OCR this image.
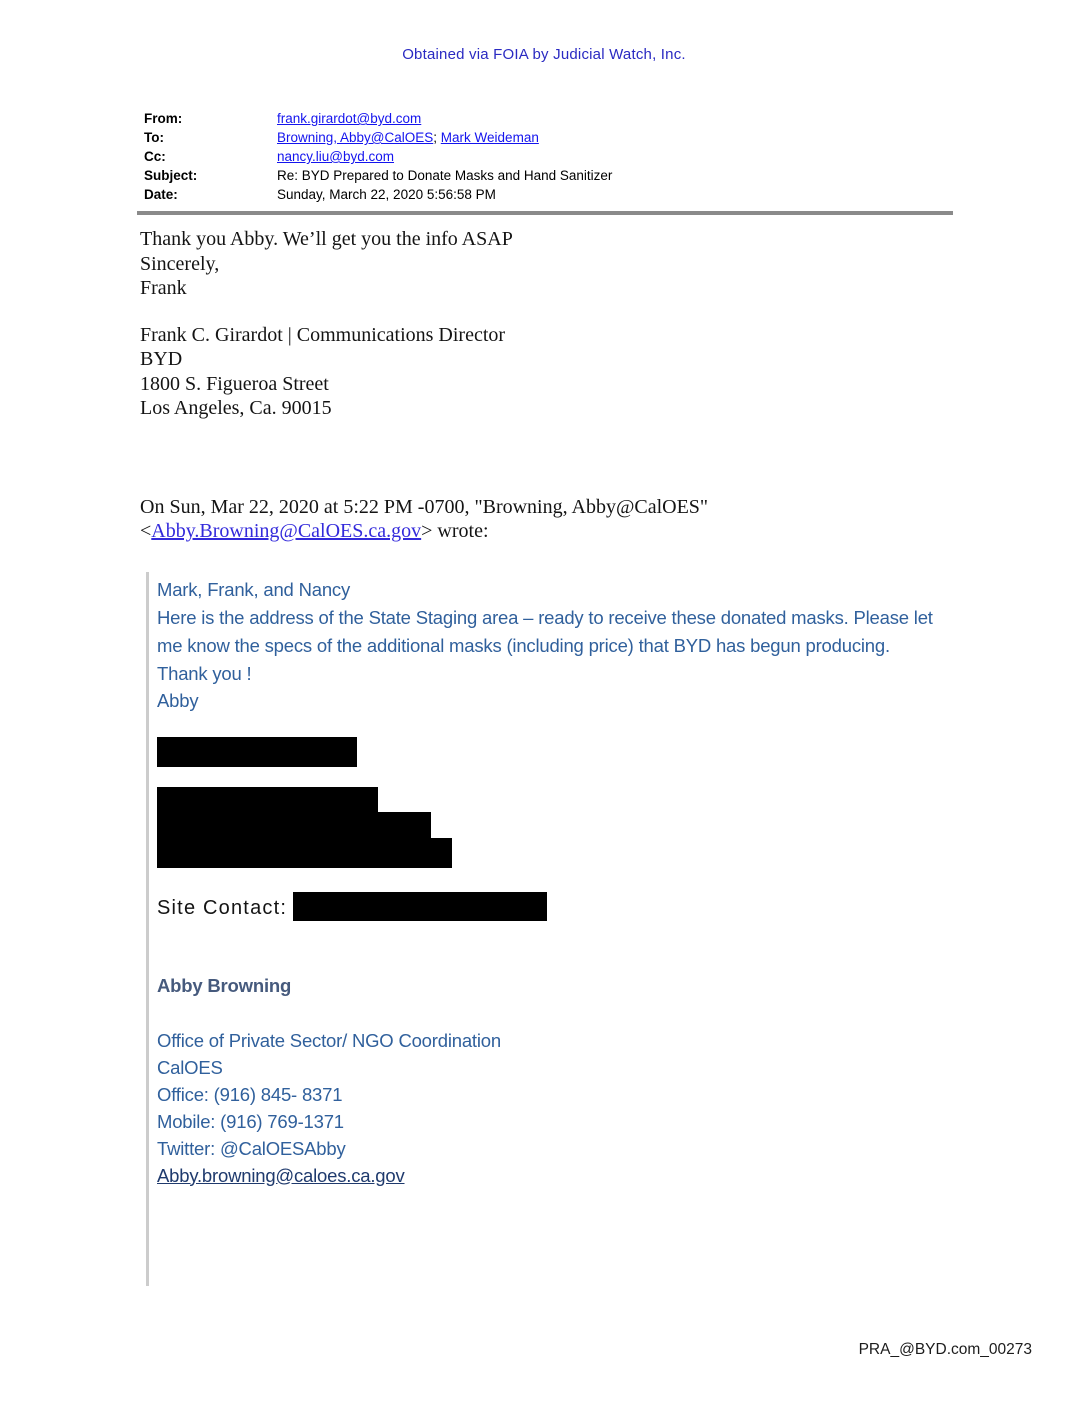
Obtained via FOIA by Judicial Watch, Inc.
From:	frank.girardot@byd.com
To:	Browning, Abby@CalOES; Mark Weideman
Cc:	nancy.liu@byd.com
Subject:	Re: BYD Prepared to Donate Masks and Hand Sanitizer
Date:	Sunday, March 22, 2020 5:56:58 PM

Thank you Abby. We’ll get you the info ASAP

Sincerely,

Frank

Frank C. Girardot | Communications Director

BYD

1800 S. Figueroa Street

Los Angeles, Ca. 90015

On Sun, Mar 22, 2020 at 5:22 PM -0700, "Browning, Abby@CalOES"
<Abby.Browning@CalOES.ca.gov> wrote:

Mark, Frank, and Nancy

Here is the address of the State Staging area – ready to receive these donated masks. Please let me know the specs of the additional masks (including price) that BYD has begun producing.

Thank you !

Abby

Site Contact:
Abby Browning
Office of Private Sector/ NGO Coordination
CalOES
Office: (916) 845- 8371
Mobile: (916) 769-1371
Twitter: @CalOESAbby
Abby.browning@caloes.ca.gov
PRA_@BYD.com_00273
